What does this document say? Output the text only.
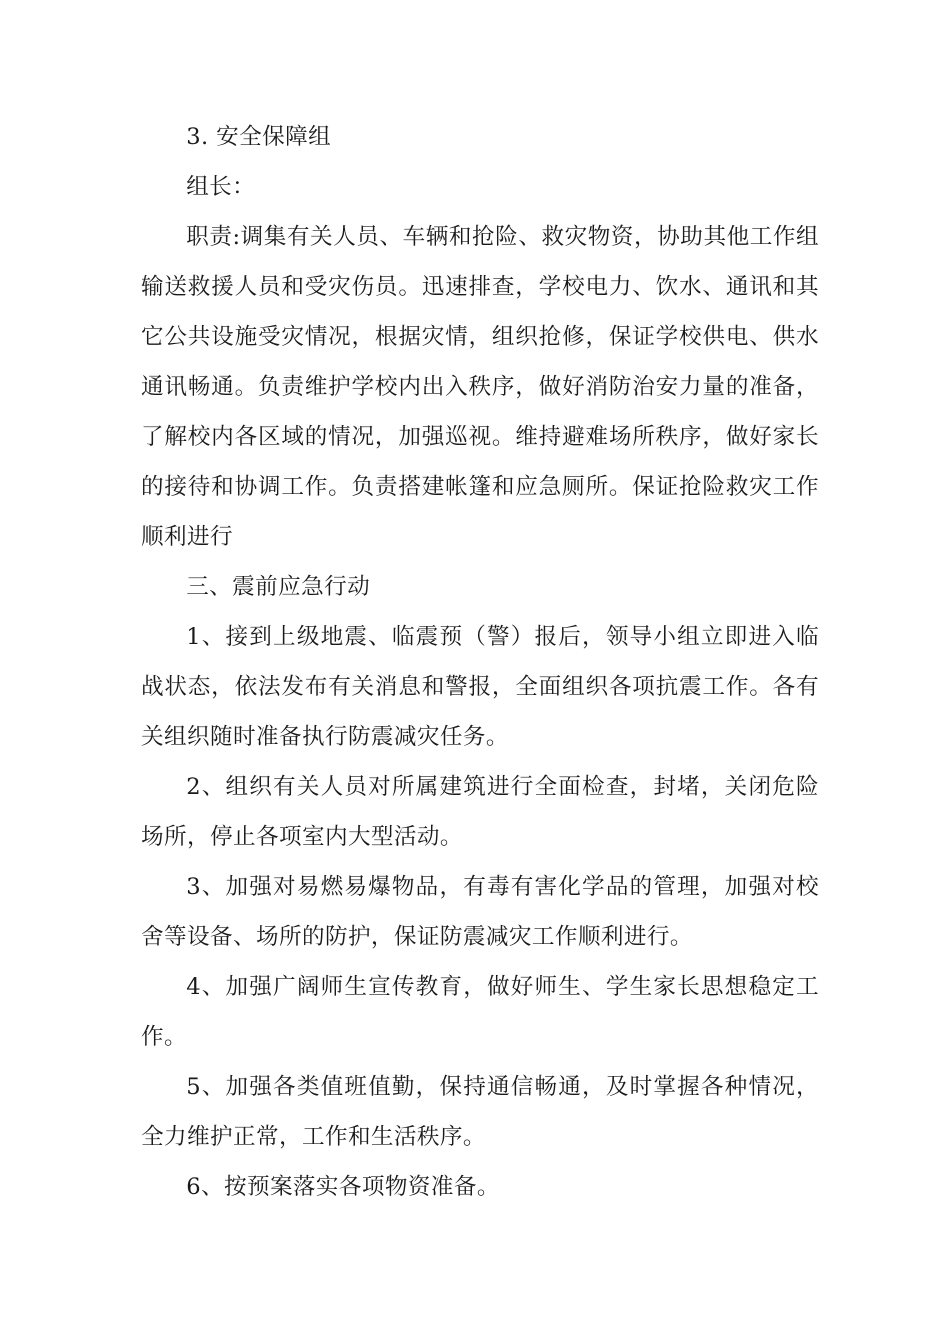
3. 安全保障组

组长：

职责:调集有关人员、车辆和抢险、救灾物资，协助其他工作组输送救援人员和受灾伤员。迅速排查，学校电力、饮水、通讯和其它公共设施受灾情况，根据灾情，组织抢修，保证学校供电、供水通讯畅通。负责维护学校内出入秩序，做好消防治安力量的准备，了解校内各区域的情况，加强巡视。维持避难场所秩序，做好家长的接待和协调工作。负责搭建帐篷和应急厕所。保证抢险救灾工作顺利进行

三、震前应急行动

1、接到上级地震、临震预（警）报后，领导小组立即进入临战状态，依法发布有关消息和警报，全面组织各项抗震工作。各有关组织随时准备执行防震减灾任务。

2、组织有关人员对所属建筑进行全面检查，封堵，关闭危险场所，停止各项室内大型活动。

3、加强对易燃易爆物品，有毒有害化学品的管理，加强对校舍等设备、场所的防护，保证防震减灾工作顺利进行。

4、加强广阔师生宣传教育，做好师生、学生家长思想稳定工作。

5、加强各类值班值勤，保持通信畅通，及时掌握各种情况，全力维护正常，工作和生活秩序。

6、按预案落实各项物资准备。
